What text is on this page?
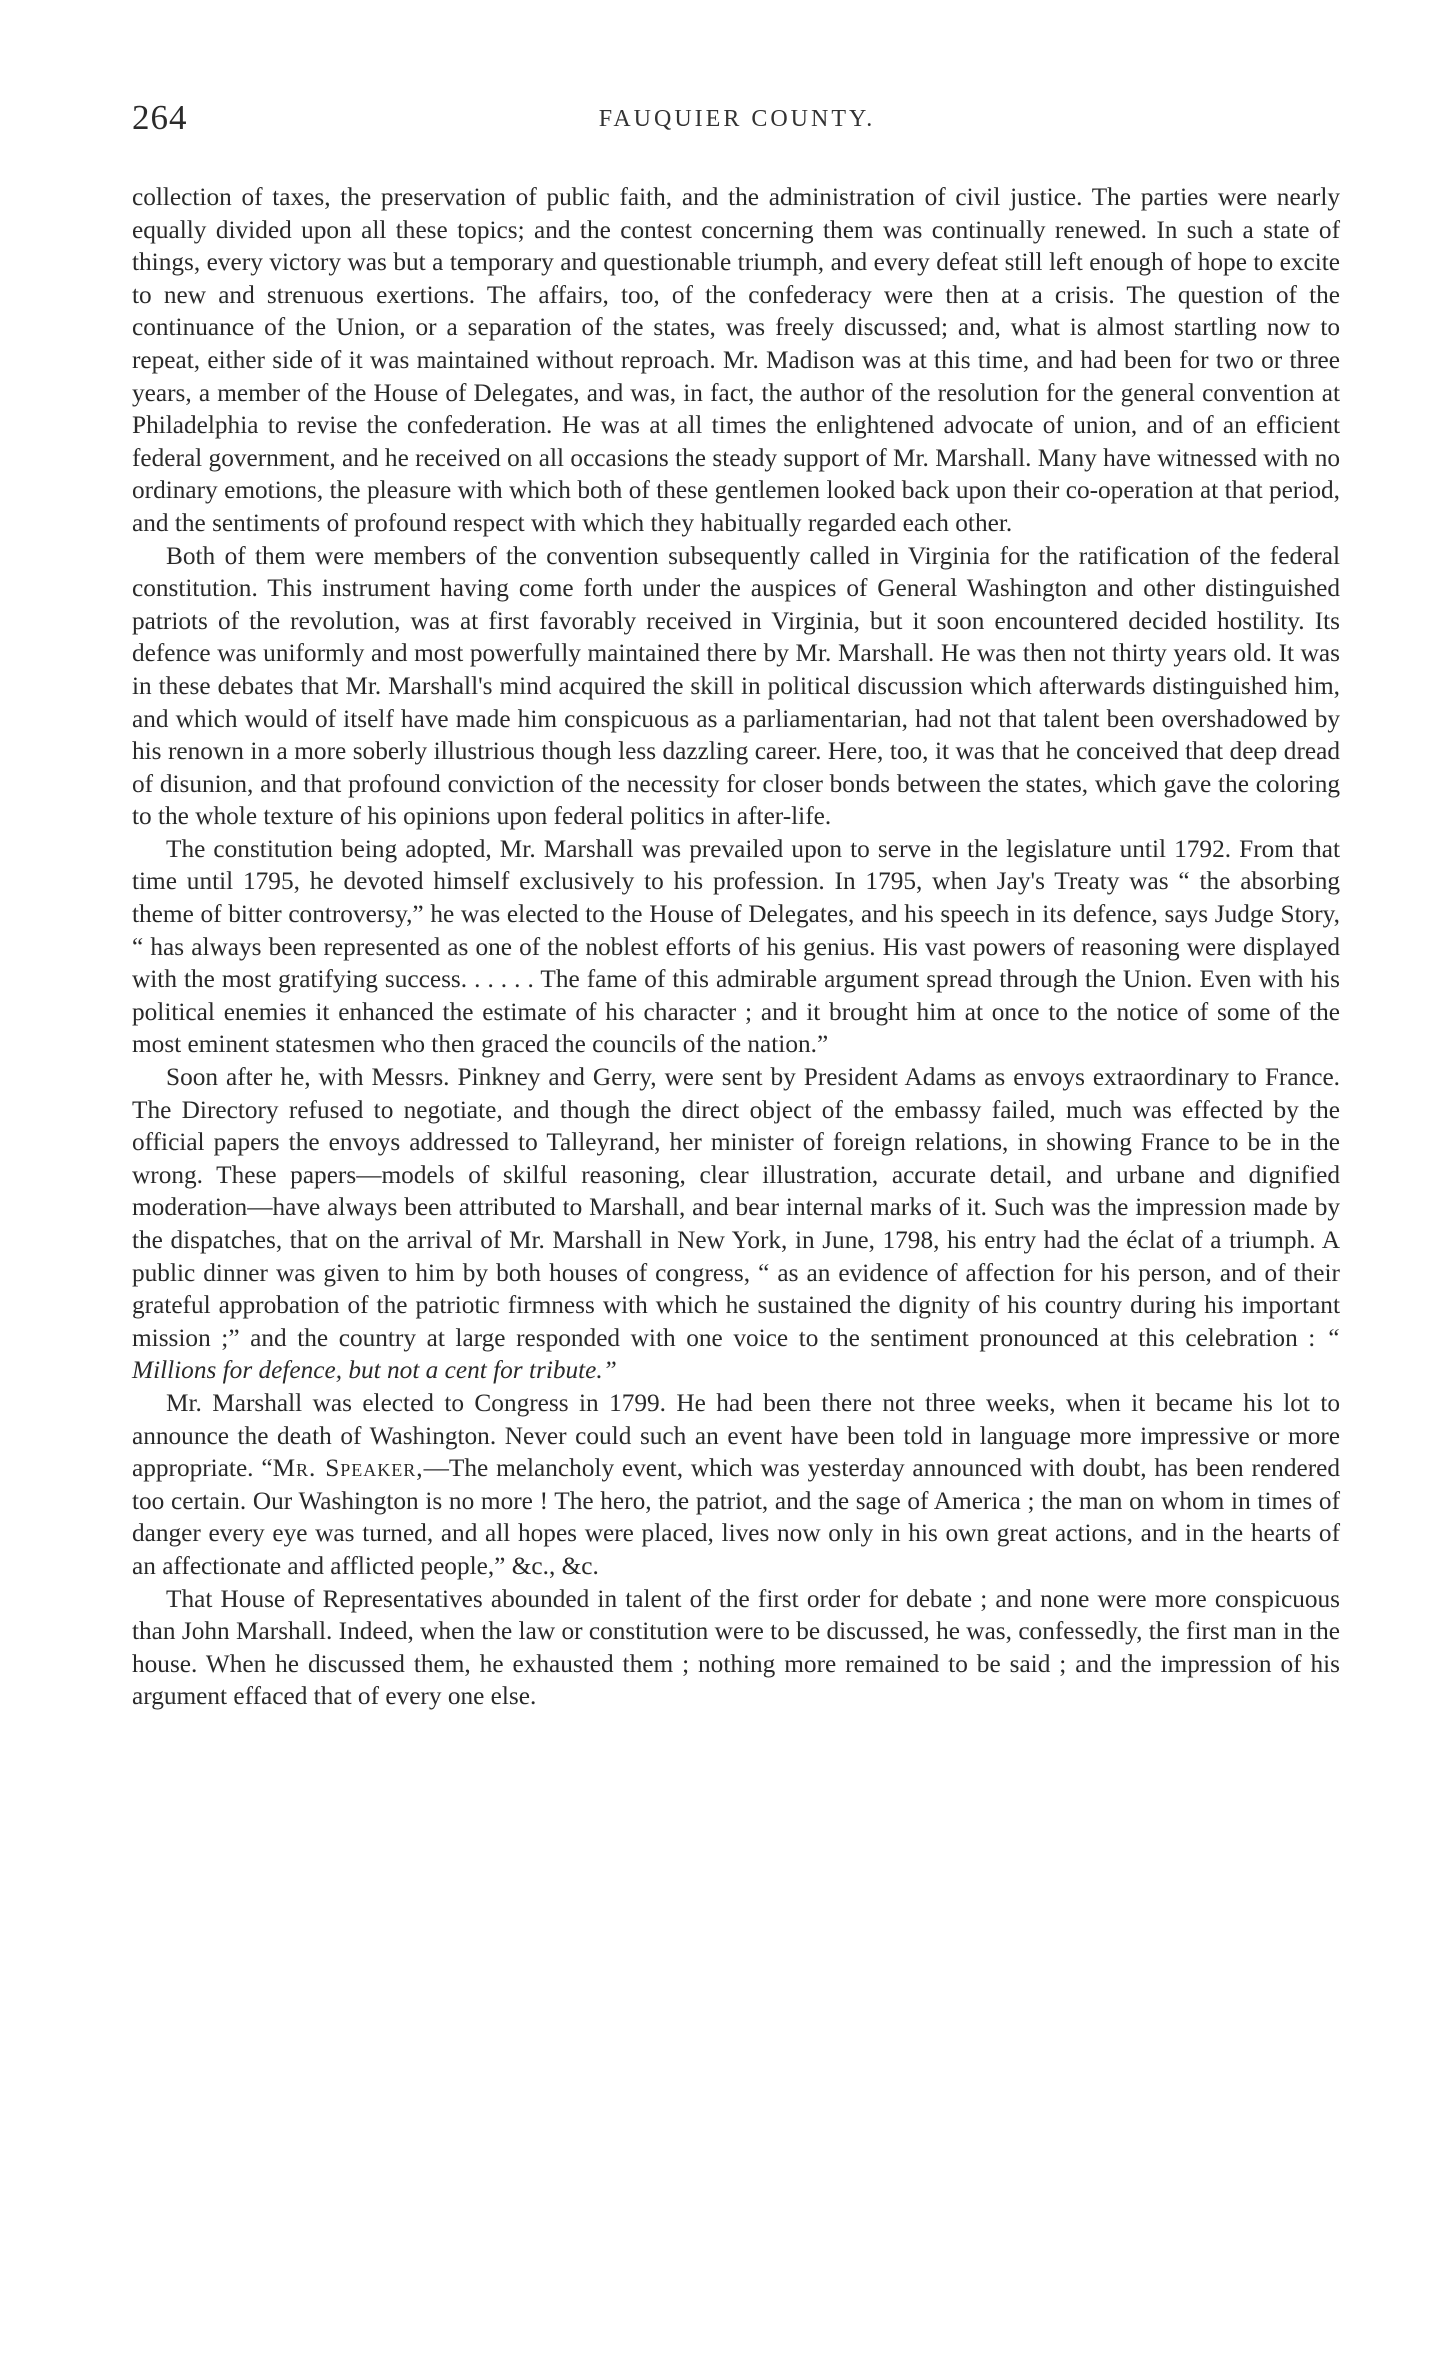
264	FAUQUIER COUNTY.

collection of taxes, the preservation of public faith, and the administration of civil justice. The parties were nearly equally divided upon all these topics; and the contest concerning them was continually renewed. In such a state of things, every victory was but a temporary and questionable triumph, and every defeat still left enough of hope to excite to new and strenuous exertions. The affairs, too, of the confederacy were then at a crisis. The question of the continuance of the Union, or a separation of the states, was freely discussed; and, what is almost startling now to repeat, either side of it was maintained without reproach. Mr. Madison was at this time, and had been for two or three years, a member of the House of Delegates, and was, in fact, the author of the resolution for the general convention at Philadelphia to revise the confederation. He was at all times the enlightened advocate of union, and of an efficient federal government, and he received on all occasions the steady support of Mr. Marshall. Many have witnessed with no ordinary emotions, the pleasure with which both of these gentlemen looked back upon their co-operation at that period, and the sentiments of profound respect with which they habitually regarded each other.

Both of them were members of the convention subsequently called in Virginia for the ratification of the federal constitution. This instrument having come forth under the auspices of General Washington and other distinguished patriots of the revolution, was at first favorably received in Virginia, but it soon encountered decided hostility. Its defence was uniformly and most powerfully maintained there by Mr. Marshall. He was then not thirty years old. It was in these debates that Mr. Marshall's mind acquired the skill in political discussion which afterwards distinguished him, and which would of itself have made him conspicuous as a parliamentarian, had not that talent been overshadowed by his renown in a more soberly illustrious though less dazzling career. Here, too, it was that he conceived that deep dread of disunion, and that profound conviction of the necessity for closer bonds between the states, which gave the coloring to the whole texture of his opinions upon federal politics in after-life.

The constitution being adopted, Mr. Marshall was prevailed upon to serve in the legislature until 1792. From that time until 1795, he devoted himself exclusively to his profession. In 1795, when Jay's Treaty was “ the absorbing theme of bitter controversy,” he was elected to the House of Delegates, and his speech in its defence, says Judge Story, “ has always been represented as one of the noblest efforts of his genius. His vast powers of reasoning were displayed with the most gratifying success. . . . . . The fame of this admirable argument spread through the Union. Even with his political enemies it enhanced the estimate of his character ; and it brought him at once to the notice of some of the most eminent statesmen who then graced the councils of the nation.”

Soon after he, with Messrs. Pinkney and Gerry, were sent by President Adams as envoys extraordinary to France. The Directory refused to negotiate, and though the direct object of the embassy failed, much was effected by the official papers the envoys addressed to Talleyrand, her minister of foreign relations, in showing France to be in the wrong. These papers—models of skilful reasoning, clear illustration, accurate detail, and urbane and dignified moderation—have always been attributed to Marshall, and bear internal marks of it. Such was the impression made by the dispatches, that on the arrival of Mr. Marshall in New York, in June, 1798, his entry had the éclat of a triumph. A public dinner was given to him by both houses of congress, “ as an evidence of affection for his person, and of their grateful approbation of the patriotic firmness with which he sustained the dignity of his country during his important mission ;” and the country at large responded with one voice to the sentiment pronounced at this celebration : “ Millions for defence, but not a cent for tribute.”

Mr. Marshall was elected to Congress in 1799. He had been there not three weeks, when it became his lot to announce the death of Washington. Never could such an event have been told in language more impressive or more appropriate. “Mr. Speaker,—The melancholy event, which was yesterday announced with doubt, has been rendered too certain. Our Washington is no more ! The hero, the patriot, and the sage of America ; the man on whom in times of danger every eye was turned, and all hopes were placed, lives now only in his own great actions, and in the hearts of an affectionate and afflicted people,” &c., &c.

That House of Representatives abounded in talent of the first order for debate ; and none were more conspicuous than John Marshall. Indeed, when the law or constitution were to be discussed, he was, confessedly, the first man in the house. When he discussed them, he exhausted them ; nothing more remained to be said ; and the impression of his argument effaced that of every one else.
